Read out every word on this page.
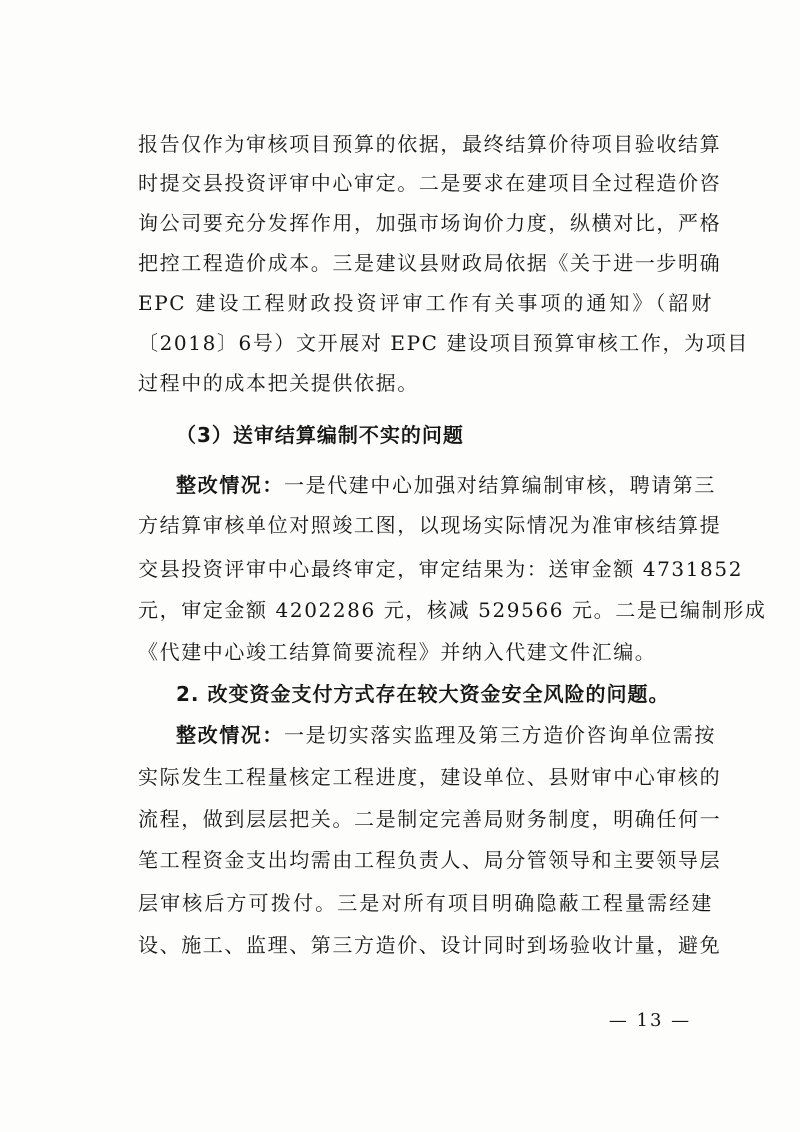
报告仅作为审核项目预算的依据，最终结算价待项目验收结算
时提交县投资评审中心审定。二是要求在建项目全过程造价咨
询公司要充分发挥作用，加强市场询价力度，纵横对比，严格
把控工程造价成本。三是建议县财政局依据《关于进一步明确
EPC 建设工程财政投资评审工作有关事项的通知》（韶财
〔2018〕6号）文开展对 EPC 建设项目预算审核工作，为项目
过程中的成本把关提供依据。
（3）送审结算编制不实的问题
整改情况：一是代建中心加强对结算编制审核，聘请第三
方结算审核单位对照竣工图，以现场实际情况为准审核结算提
交县投资评审中心最终审定，审定结果为：送审金额 4731852
元，审定金额 4202286 元，核减 529566 元。二是已编制形成
《代建中心竣工结算简要流程》并纳入代建文件汇编。
2. 改变资金支付方式存在较大资金安全风险的问题。
整改情况：一是切实落实监理及第三方造价咨询单位需按
实际发生工程量核定工程进度，建设单位、县财审中心审核的
流程，做到层层把关。二是制定完善局财务制度，明确任何一
笔工程资金支出均需由工程负责人、局分管领导和主要领导层
层审核后方可拨付。三是对所有项目明确隐蔽工程量需经建
设、施工、监理、第三方造价、设计同时到场验收计量，避免
— 13 —
